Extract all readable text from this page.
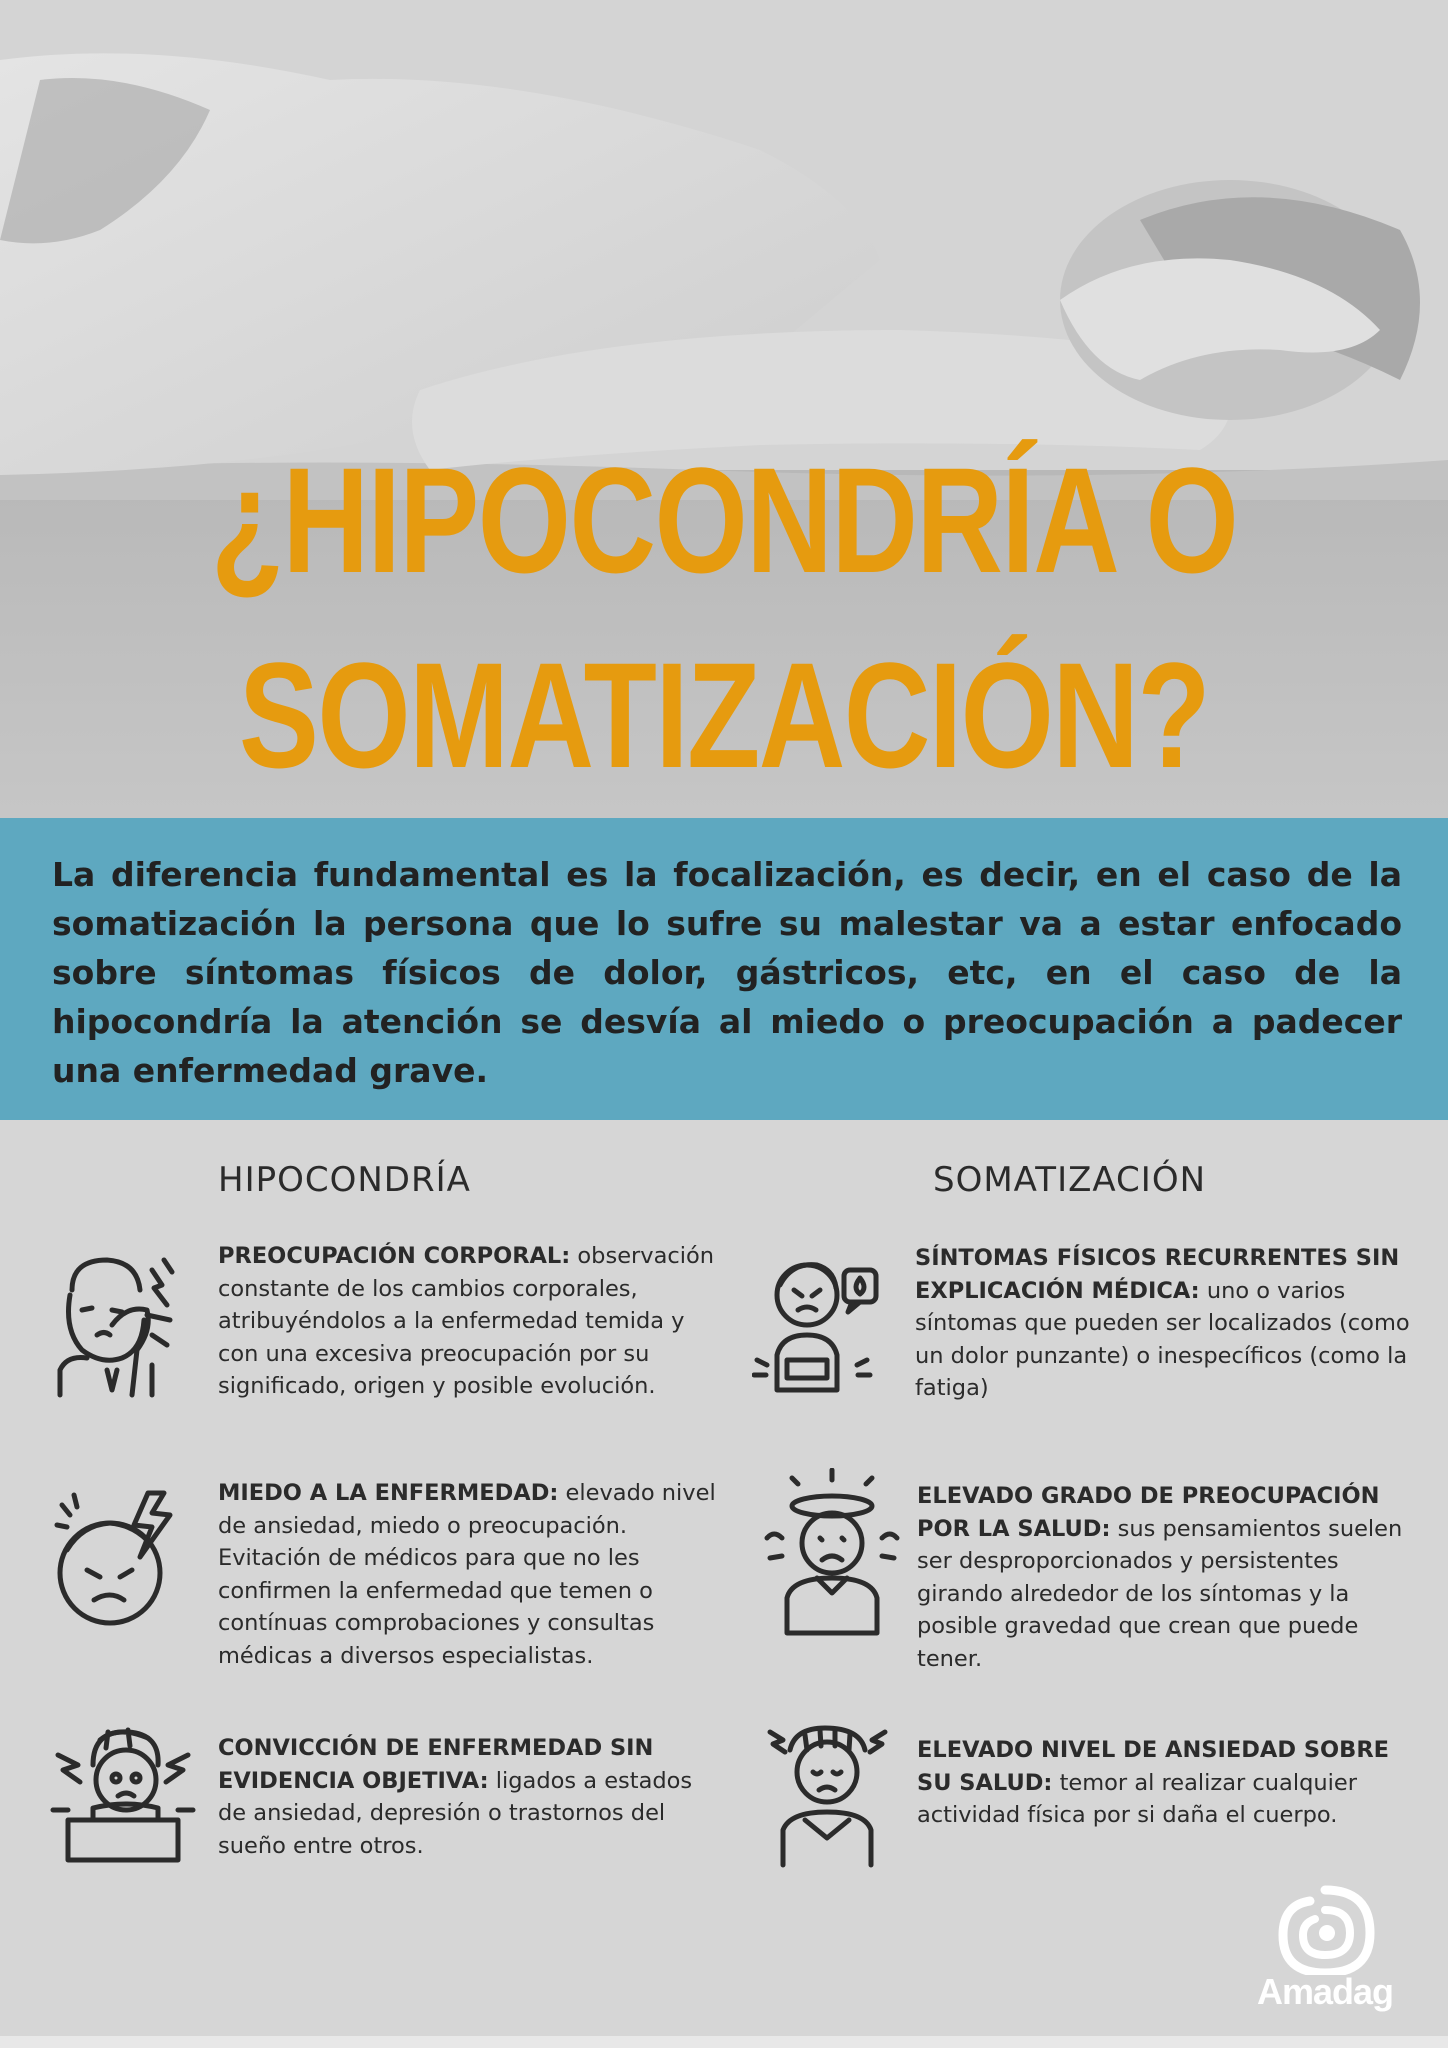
¿HIPOCONDRÍA O
SOMATIZACIÓN?

La diferencia fundamental es la focalización, es decir, en el caso de la somatización la persona que lo sufre su malestar va a estar enfocado sobre síntomas físicos de dolor, gástricos, etc, en el caso de la hipocondría la atención se desvía al miedo o preocupación a padecer una enfermedad grave.

HIPOCONDRÍA	SOMATIZACIÓN
PREOCUPACIÓN CORPORAL: observación constante de los cambios corporales, atribuyéndolos a la enfermedad temida y con una excesiva preocupación por su significado, origen y posible evolución.
MIEDO A LA ENFERMEDAD: elevado nivel de ansiedad, miedo o preocupación. Evitación de médicos para que no les confirmen la enfermedad que temen o contínuas comprobaciones y consultas médicas a diversos especialistas.
CONVICCIÓN DE ENFERMEDAD SIN EVIDENCIA OBJETIVA: ligados a estados de ansiedad, depresión o trastornos del sueño entre otros.
SÍNTOMAS FÍSICOS RECURRENTES SIN EXPLICACIÓN MÉDICA: uno o varios síntomas que pueden ser localizados (como un dolor punzante) o inespecíficos (como la fatiga)
ELEVADO GRADO DE PREOCUPACIÓN POR LA SALUD: sus pensamientos suelen ser desproporcionados y persistentes girando alrededor de los síntomas y la posible gravedad que crean que puede tener.
ELEVADO NIVEL DE ANSIEDAD SOBRE SU SALUD: temor al realizar cualquier actividad física por si daña el cuerpo.
Amadag
